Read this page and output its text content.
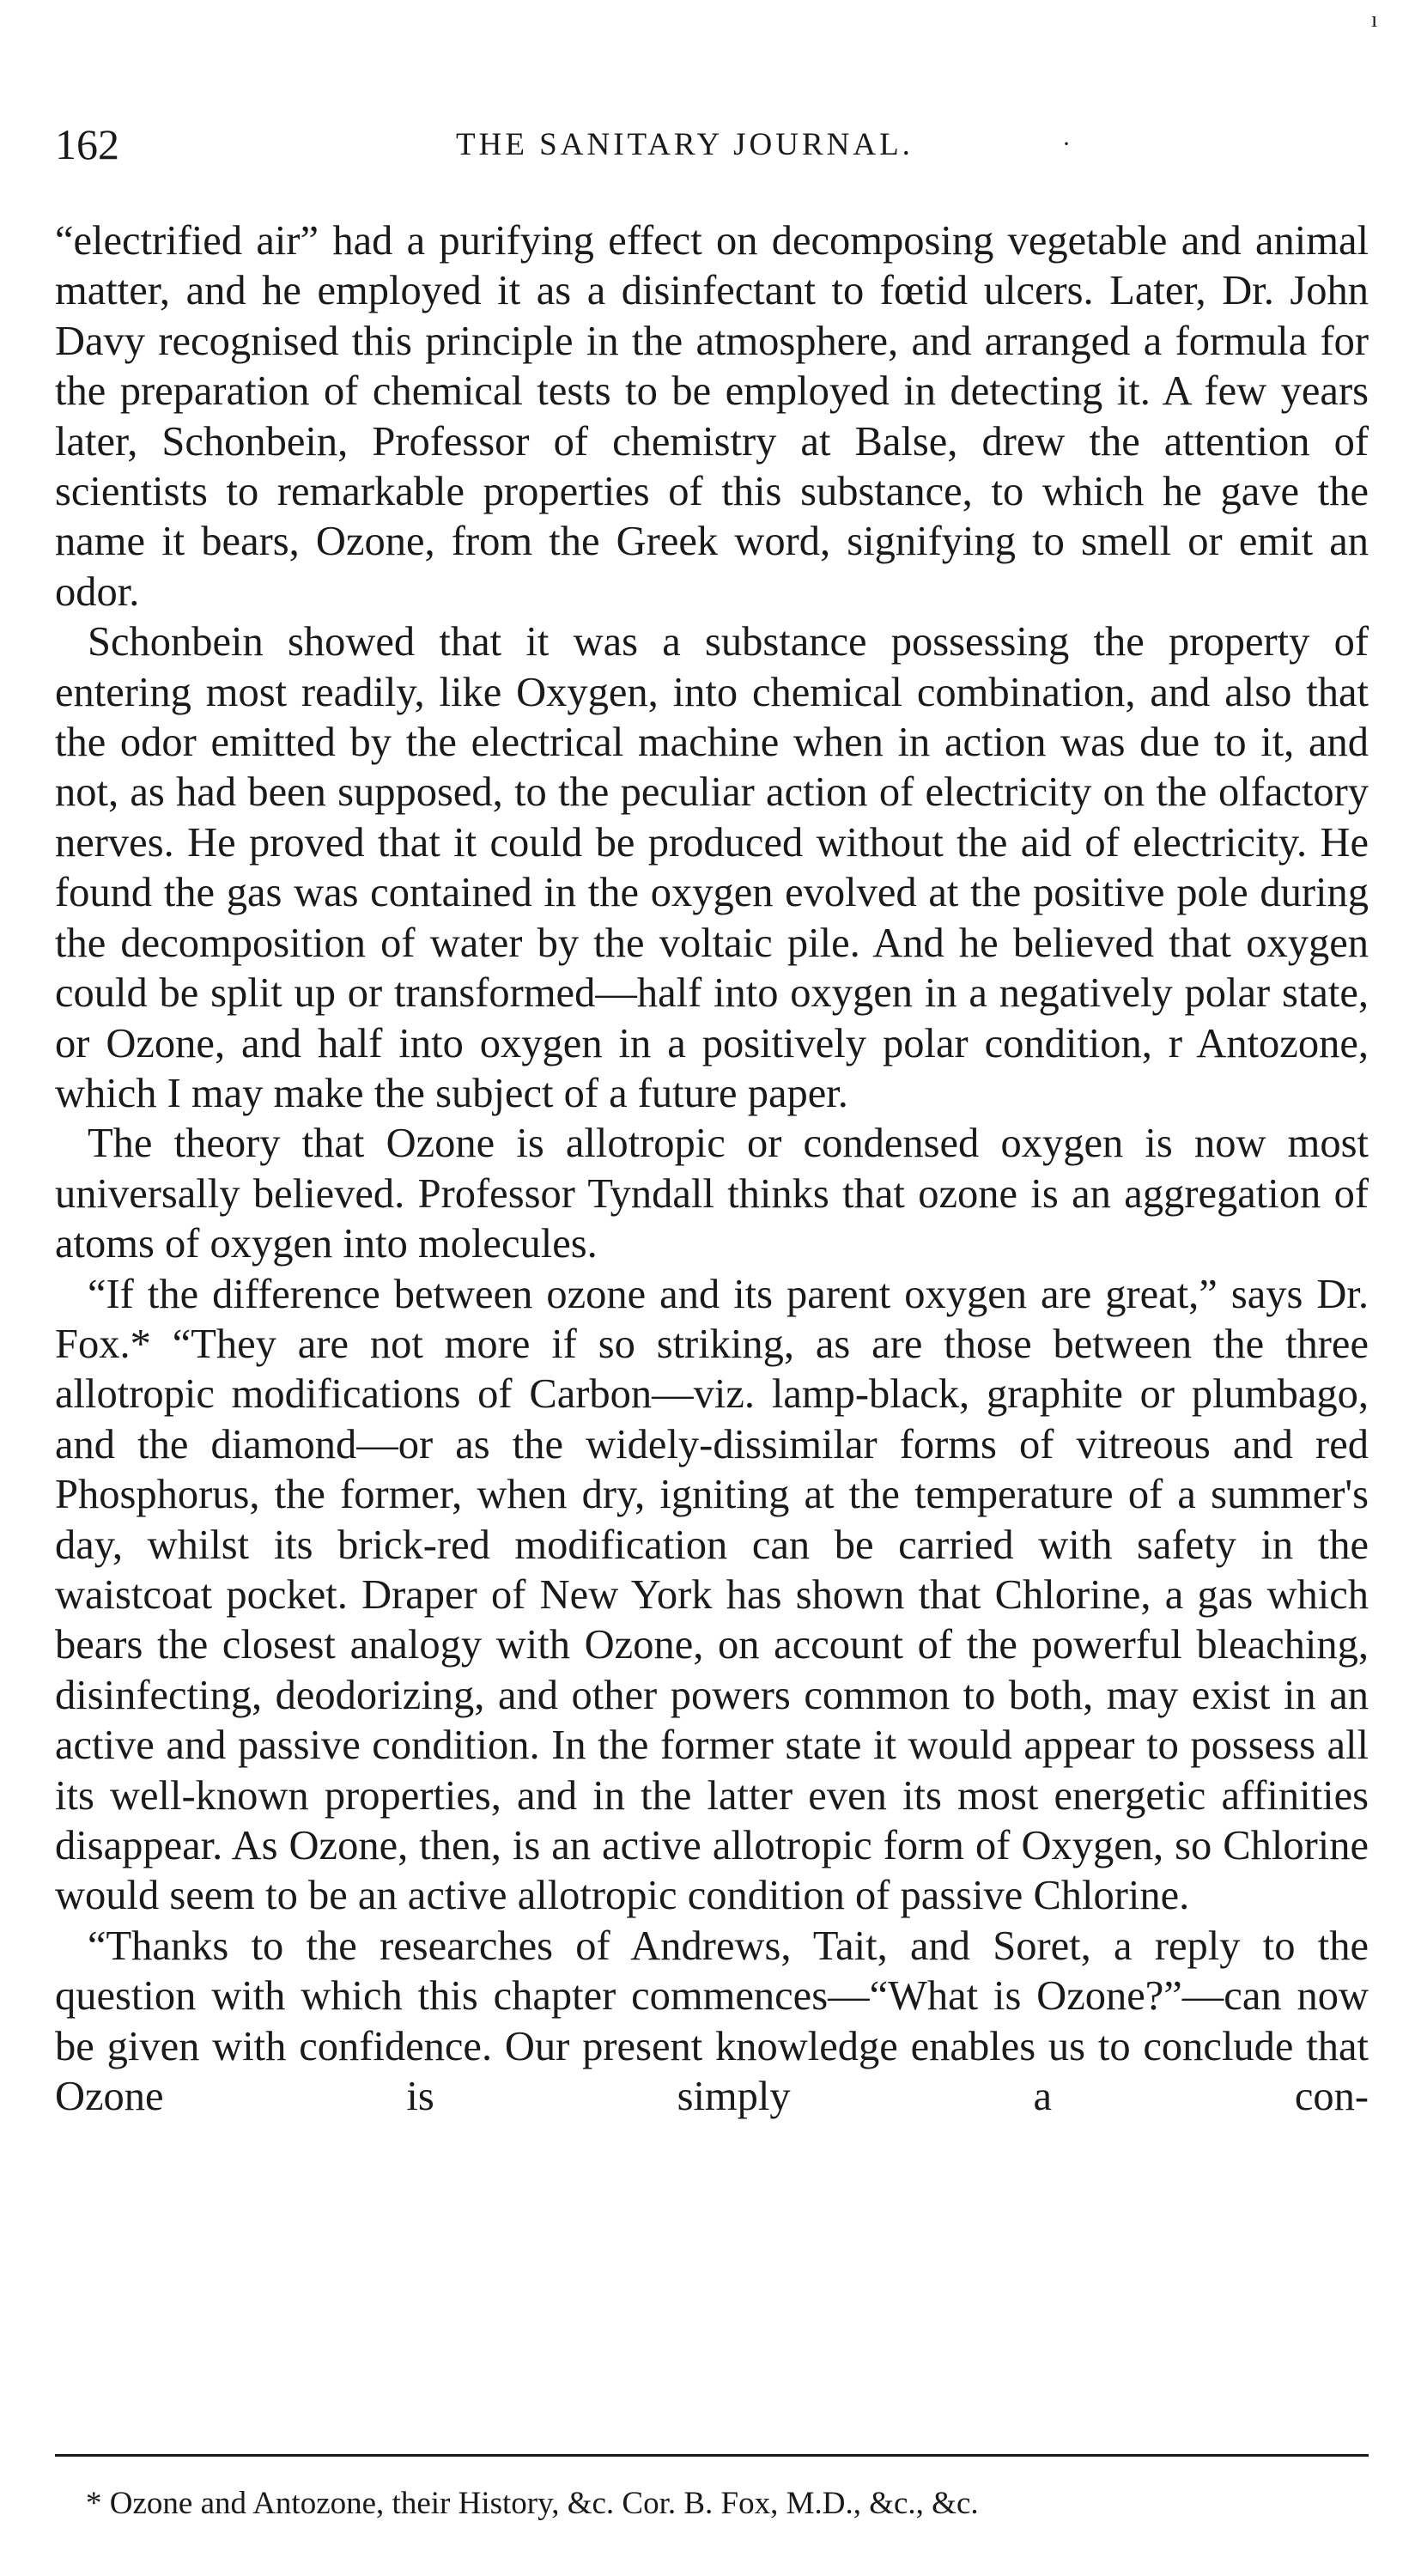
ı
162	THE SANITARY JOURNAL.	·

“electrified air” had a purifying effect on decomposing vegetable and animal matter, and he employed it as a disinfectant to fœtid ulcers. Later, Dr. John Davy recognised this principle in the atmosphere, and arranged a formula for the preparation of chemical tests to be employed in detecting it. A few years later, Schonbein, Professor of chemistry at Balse, drew the attention of scientists to remarkable properties of this substance, to which he gave the name it bears, Ozone, from the Greek word, signifying to smell or emit an odor.

Schonbein showed that it was a substance possessing the property of entering most readily, like Oxygen, into chemical combination, and also that the odor emitted by the electrical machine when in action was due to it, and not, as had been supposed, to the peculiar action of electricity on the olfactory nerves. He proved that it could be produced without the aid of electricity. He found the gas was contained in the oxygen evolved at the positive pole during the decomposition of water by the voltaic pile. And he believed that oxygen could be split up or transformed—half into oxygen in a negatively polar state, or Ozone, and half into oxygen in a positively polar condition, r Antozone, which I may make the subject of a future paper.

The theory that Ozone is allotropic or condensed oxygen is now most universally believed. Professor Tyndall thinks that ozone is an aggregation of atoms of oxygen into molecules.

“If the difference between ozone and its parent oxygen are great,” says Dr. Fox.* “They are not more if so striking, as are those between the three allotropic modifications of Carbon—viz. lamp-black, graphite or plumbago, and the diamond—or as the widely-dissimilar forms of vitreous and red Phosphorus, the former, when dry, igniting at the temperature of a summer's day, whilst its brick-red modification can be carried with safety in the waistcoat pocket. Draper of New York has shown that Chlorine, a gas which bears the closest analogy with Ozone, on account of the powerful bleaching, disinfecting, deodorizing, and other powers common to both, may exist in an active and passive condition. In the former state it would appear to possess all its well-known properties, and in the latter even its most energetic affinities disappear. As Ozone, then, is an active allotropic form of Oxygen, so Chlorine would seem to be an active allotropic condition of passive Chlorine.

“Thanks to the researches of Andrews, Tait, and Soret, a reply to the question with which this chapter commences—“What is Ozone?”—can now be given with confidence. Our present knowledge enables us to conclude that Ozone is simply a con-

* Ozone and Antozone, their History, &c. Cor. B. Fox, M.D., &c., &c.
